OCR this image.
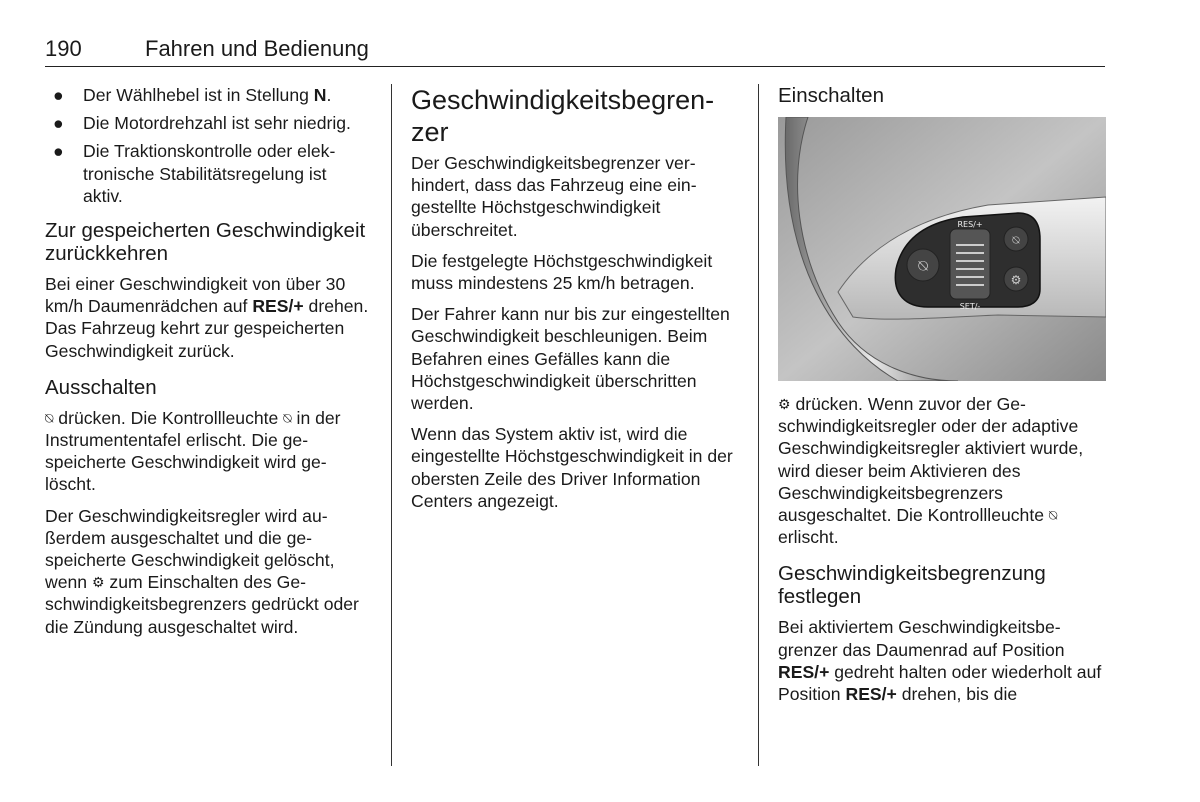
190	Fahren und Bedienung
● Der Wählhebel ist in Stellung N.
● Die Motordrehzahl ist sehr niedrig.
● Die Traktionskontrolle oder elektronische Stabilitätsregelung ist aktiv.
Zur gespeicherten Geschwindigkeit zurückkehren

Bei einer Geschwindigkeit von über 30 km/h Daumenrädchen auf RES/+ drehen. Das Fahrzeug kehrt zur gespeicherten Geschwindigkeit zurück.

Ausschalten

⍉ drücken. Die Kontrollleuchte ⍉ in der Instrumententafel erlischt. Die gespeicherte Geschwindigkeit wird gelöscht.

Der Geschwindigkeitsregler wird außerdem ausgeschaltet und die gespeicherte Geschwindigkeit gelöscht, wenn ⚙ zum Einschalten des Geschwindigkeitsbegrenzers gedrückt oder die Zündung ausgeschaltet wird.

Geschwindigkeitsbegrenzer

Der Geschwindigkeitsbegrenzer verhindert, dass das Fahrzeug eine eingestellte Höchstgeschwindigkeit überschreitet.

Die festgelegte Höchstgeschwindigkeit muss mindestens 25 km/h betragen.

Der Fahrer kann nur bis zur eingestellten Geschwindigkeit beschleunigen. Beim Befahren eines Gefälles kann die Höchstgeschwindigkeit überschritten werden.

Wenn das System aktiv ist, wird die eingestellte Höchstgeschwindigkeit in der obersten Zeile des Driver Information Centers angezeigt.

Einschalten
⍉
RES/+
SET/-
⍉
⚙

⚙ drücken. Wenn zuvor der Geschwindigkeitsregler oder der adaptive Geschwindigkeitsregler aktiviert wurde, wird dieser beim Aktivieren des Geschwindigkeitsbegrenzers ausgeschaltet. Die Kontrollleuchte ⍉ erlischt.

Geschwindigkeitsbegrenzung festlegen

Bei aktiviertem Geschwindigkeitsbegrenzer das Daumenrad auf Position RES/+ gedreht halten oder wiederholt auf Position RES/+ drehen, bis die
